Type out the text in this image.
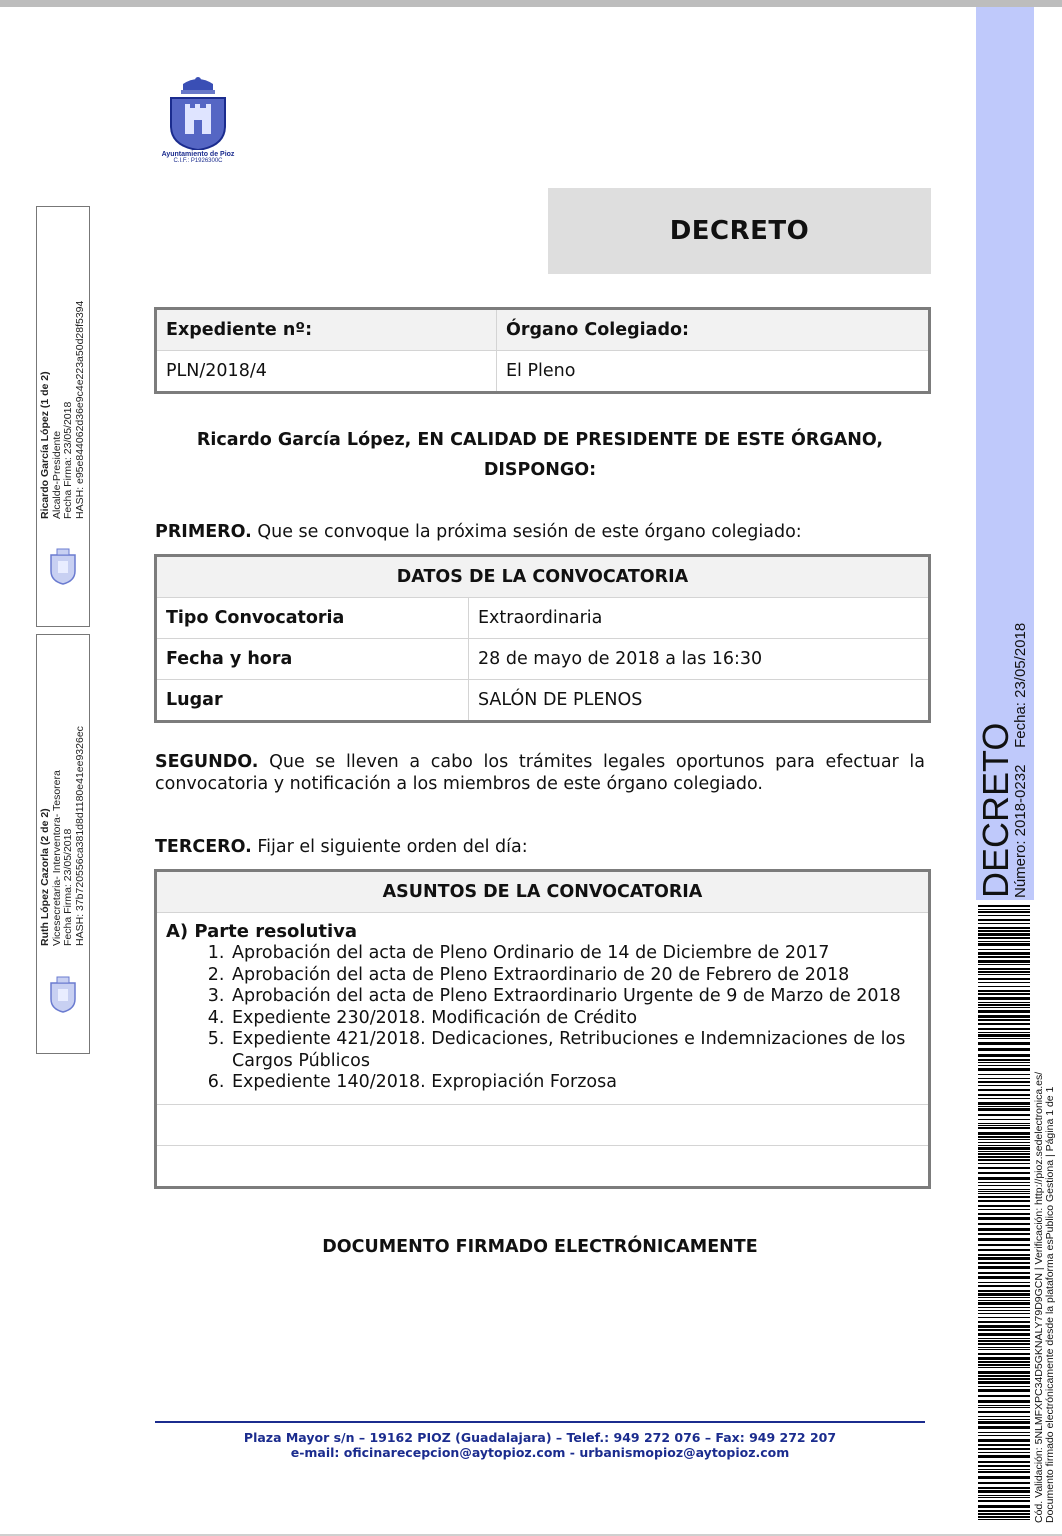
Ayuntamiento de Pioz
C.I.F.: P1926300C
DECRETO
Expediente nº:	Órgano Colegiado:
PLN/2018/4	El Pleno
Ricardo García López, EN CALIDAD DE PRESIDENTE DE ESTE ÓRGANO,
DISPONGO:
PRIMERO. Que se convoque la próxima sesión de este órgano colegiado:
DATOS DE LA CONVOCATORIA	
Tipo Convocatoria	Extraordinaria
Fecha y hora	28 de mayo de 2018 a las 16:30
Lugar	SALÓN DE PLENOS
SEGUNDO. Que se lleven a cabo los trámites legales oportunos para efectuar la convocatoria y notificación a los miembros de este órgano colegiado.
TERCERO. Fijar el siguiente orden del día:
ASUNTOS DE LA CONVOCATORIA

A) Parte resolutiva
1. Aprobación del acta de Pleno Ordinario de 14 de Diciembre de 2017
2. Aprobación del acta de Pleno Extraordinario de 20 de Febrero de 2018
3. Aprobación del acta de Pleno Extraordinario Urgente de 9 de Marzo de 2018
4. Expediente 230/2018. Modificación de Crédito
5. Expediente 421/2018. Dedicaciones, Retribuciones e Indemnizaciones de los Cargos Públicos
6. Expediente 140/2018. Expropiación Forzosa

DOCUMENTO FIRMADO ELECTRÓNICAMENTE
Plaza Mayor s/n – 19162 PIOZ (Guadalajara) – Telef.: 949 272 076 – Fax: 949 272 207
e-mail: oficinarecepcion@aytopioz.com - urbanismopioz@aytopioz.com
Ricardo García López (1 de 2) Alcalde-Presidente Fecha Firma: 23/05/2018 HASH: e95e844062d36e9c4e223a50d28f5394
Ruth López Cazorla (2 de 2) Vicesecretaria- Interventora- Tesorera Fecha Firma: 23/05/2018 HASH: 37b720556ca381d8d1180e41ee9326ec	DECRETO
Número: 2018-0232    Fecha: 23/05/2018
Cód. Validación: 5NLMFXPC34D5GKNALY79D9GCN | Verificación: http://pioz.sedelectronica.es/ Documento firmado electrónicamente desde la plataforma esPublico Gestiona | Página 1 de 1
